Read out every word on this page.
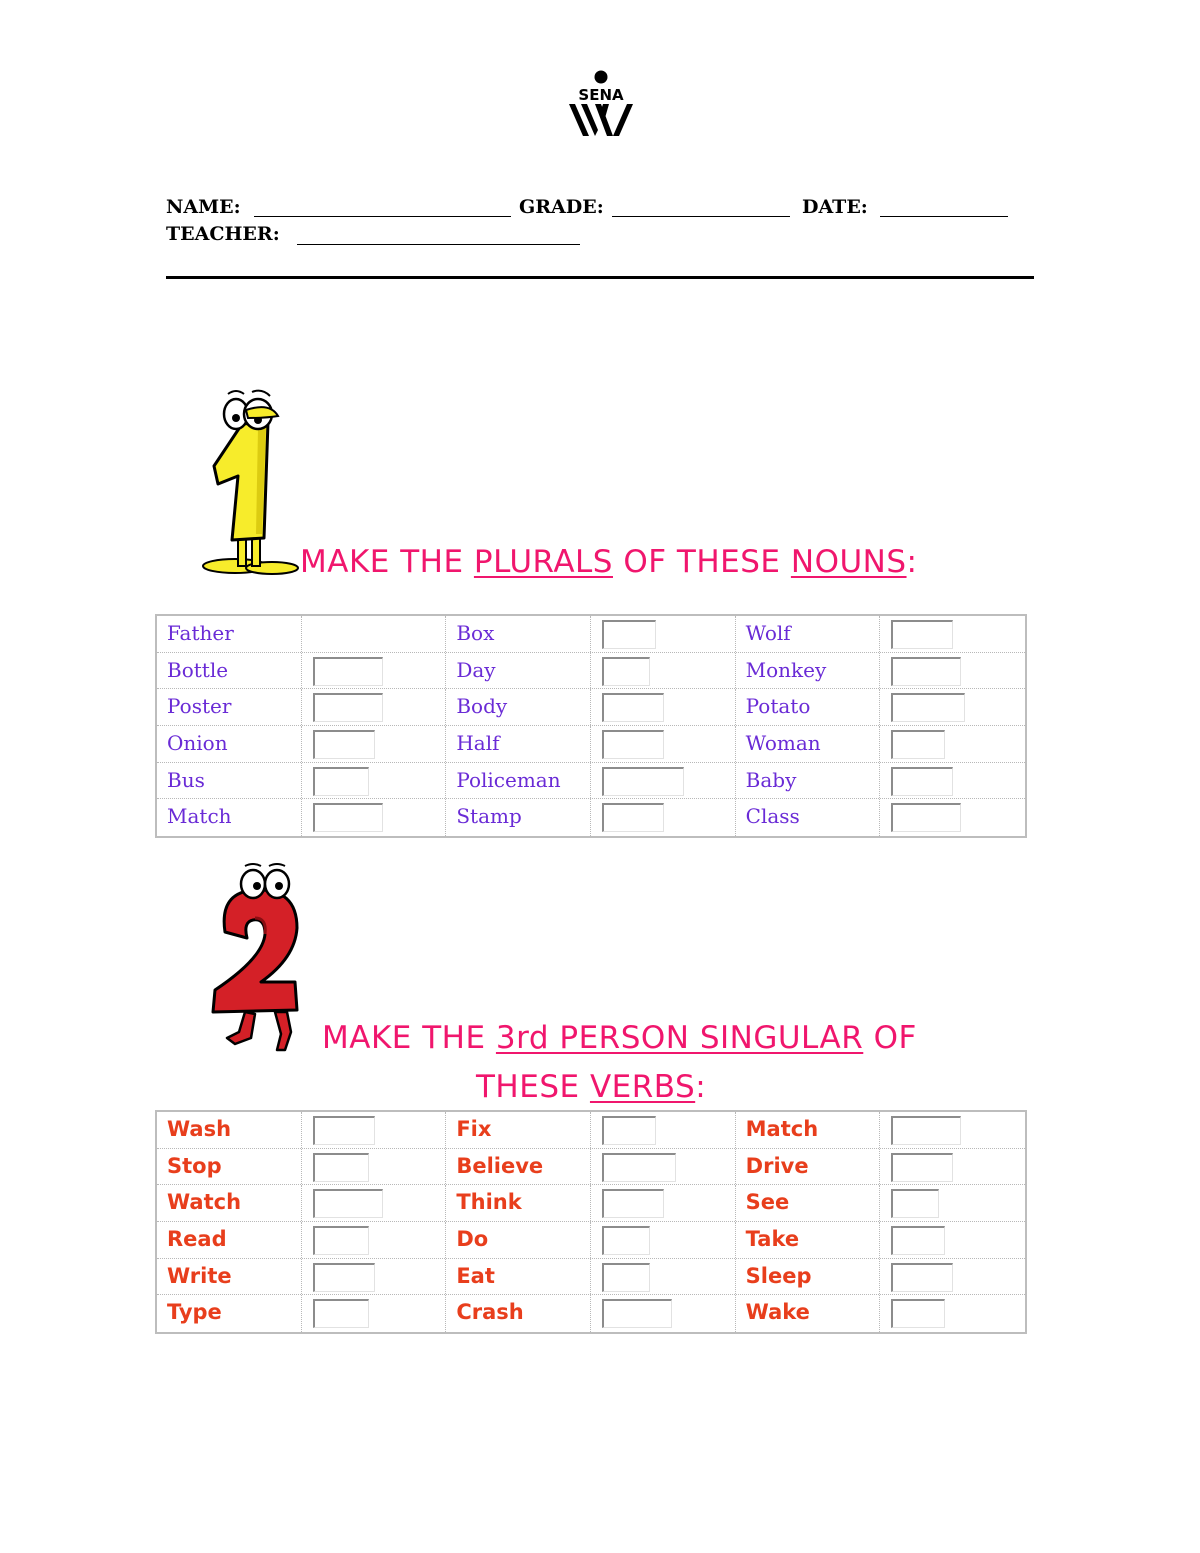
SENA
NAME:	GRADE:	DATE:
TEACHER:
MAKE THE PLURALS OF THESE NOUNS:
Father	Box	Wolf
Bottle	Day	Monkey
Poster	Body	Potato
Onion	Half	Woman
Bus	Policeman	Baby
Match	Stamp	Class
MAKE THE 3rd PERSON SINGULAR OF
THESE VERBS:
Wash	Fix	Match
Stop	Believe	Drive
Watch	Think	See
Read	Do	Take
Write	Eat	Sleep
Type	Crash	Wake
